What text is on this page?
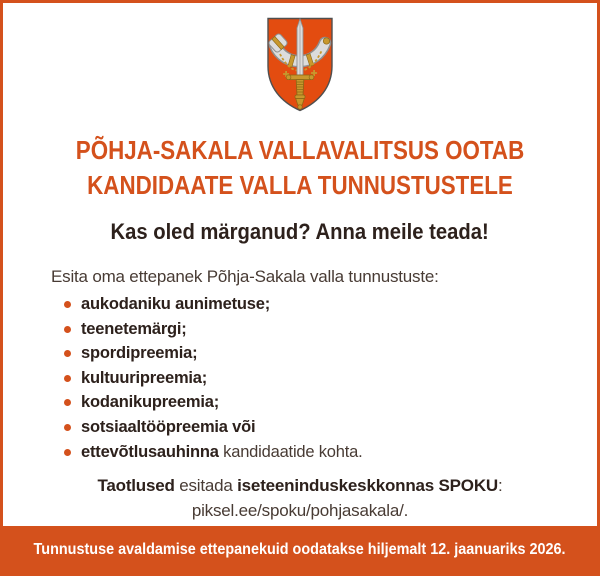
PÕHJA-SAKALA VALLAVALITSUS OOTAB
KANDIDAATE VALLA TUNNUSTUSTELE

Kas oled märganud? Anna meile teada!

Esita oma ettepanek Põhja-Sakala valla tunnustuste:

aukodaniku aunimetuse;
teenetemärgi;
spordipreemia;
kultuuripreemia;
kodanikupreemia;
sotsiaaltööpreemia või
ettevõtlusauhinna kandidaatide kohta.

Taotlused esitada iseteeninduskeskkonnas SPOKU:
piksel.ee/spoku/pohjasakala/.

Tunnustuse avaldamise ettepanekuid oodatakse hiljemalt 12. jaanuariks 2026.
